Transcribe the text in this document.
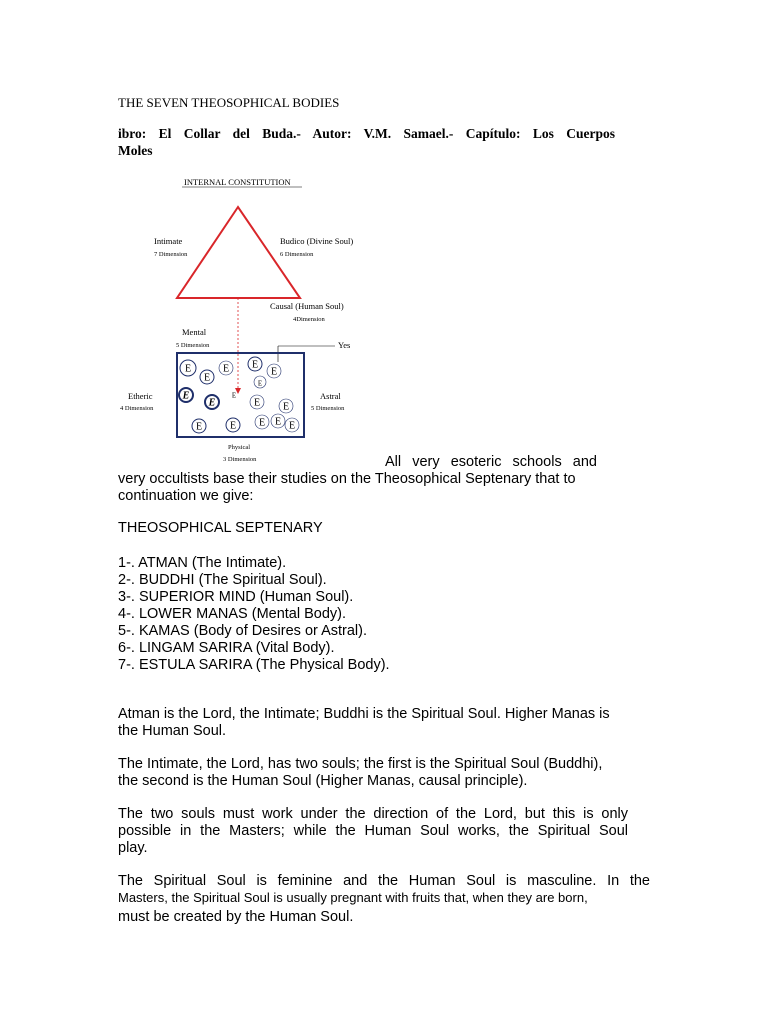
THE SEVEN THEOSOPHICAL BODIES
ibro: El Collar del Buda.- Autor: V.M. Samael.- Capítulo: Los Cuerpos
Moles
INTERNAL CONSTITUTION
Intimate
7 Dimension
Budico (Divine Soul)
6 Dimension
Causal (Human Soul)
4Dimension
Mental
5 Dimension	Yes
Etheric
4 Dimension
Astral
5 Dimension
Physical
3 Dimension
E
E
E E
E
E
E
E
E
E E
E	E E E E
All very esoteric schools and
very occultists base their studies on the Theosophical Septenary that to
continuation we give:
THEOSOPHICAL SEPTENARY
1-. ATMAN (The Intimate).
2-. BUDDHI (The Spiritual Soul).
3-. SUPERIOR MIND (Human Soul).
4-. LOWER MANAS (Mental Body).
5-. KAMAS (Body of Desires or Astral).
6-. LINGAM SARIRA (Vital Body).
7-. ESTULA SARIRA (The Physical Body).
Atman is the Lord, the Intimate; Buddhi is the Spiritual Soul. Higher Manas is
the Human Soul.
The Intimate, the Lord, has two souls; the first is the Spiritual Soul (Buddhi),
the second is the Human Soul (Higher Manas, causal principle).
The two souls must work under the direction of the Lord, but this is only
possible in the Masters; while the Human Soul works, the Spiritual Soul
play.
The Spiritual Soul is feminine and the Human Soul is masculine. In the
Masters, the Spiritual Soul is usually pregnant with fruits that, when they are born,
must be created by the Human Soul.
